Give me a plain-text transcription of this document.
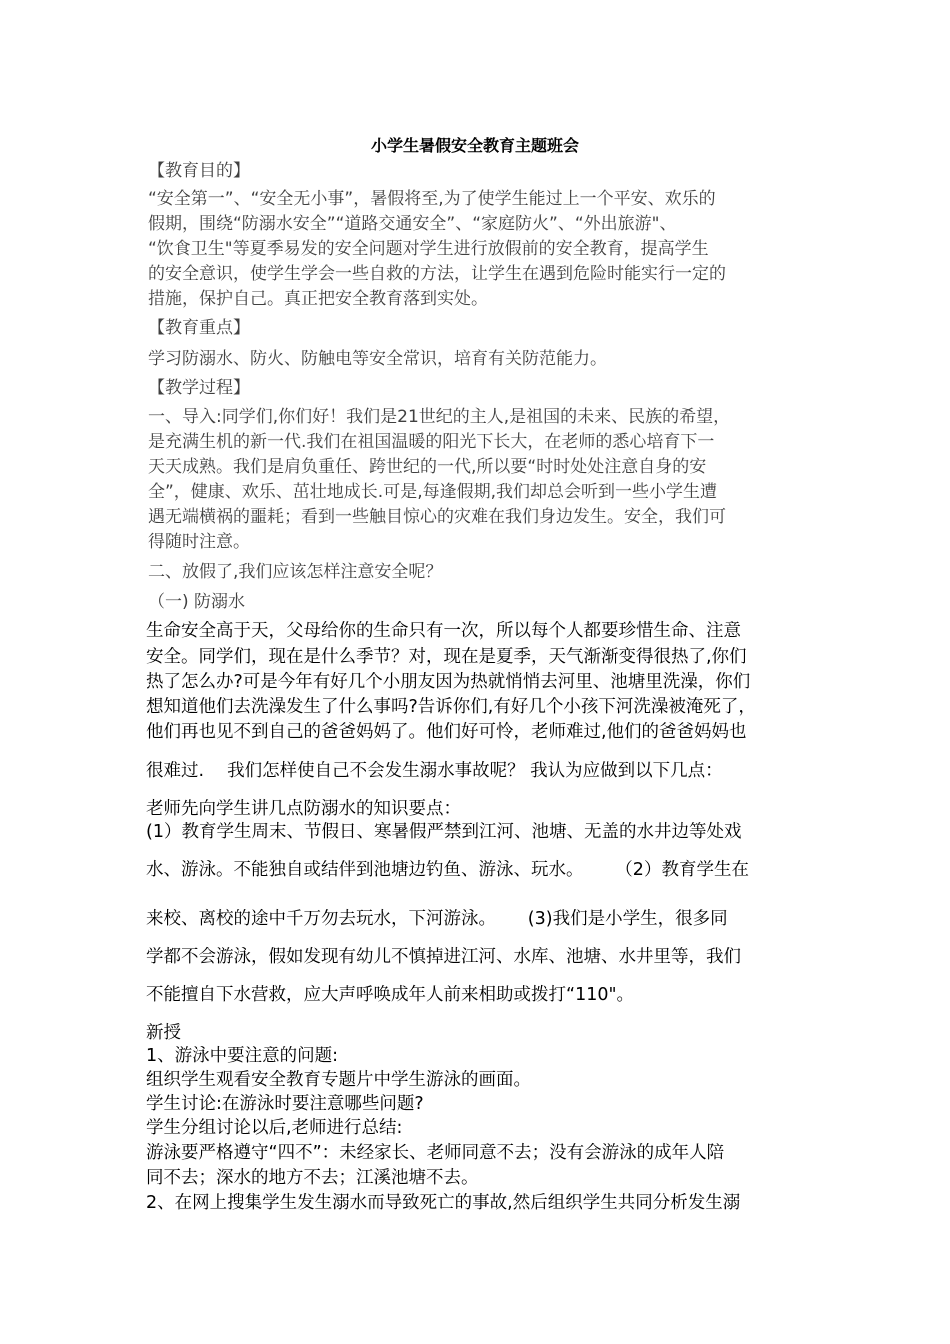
小学生暑假安全教育主题班会
【教育目的】
“安全第一”、“安全无小事”，暑假将至,为了使学生能过上一个平安、欢乐的
假期，围绕“防溺水安全”“道路交通安全”、“家庭防火”、“外出旅游"、
“饮食卫生"等夏季易发的安全问题对学生进行放假前的安全教育，提高学生
的安全意识，使学生学会一些自救的方法，让学生在遇到危险时能实行一定的
措施，保护自己。真正把安全教育落到实处。
【教育重点】
学习防溺水、防火、防触电等安全常识，培育有关防范能力。
【教学过程】
一、导入:同学们,你们好！我们是21世纪的主人,是祖国的未来、民族的希望，
是充满生机的新一代.我们在祖国温暖的阳光下长大，在老师的悉心培育下一
天天成熟。我们是肩负重任、跨世纪的一代,所以要“时时处处注意自身的安
全”，健康、欢乐、茁壮地成长.可是,每逢假期,我们却总会听到一些小学生遭
遇无端横祸的噩耗；看到一些触目惊心的灾难在我们身边发生。安全，我们可
得随时注意。
二、放假了,我们应该怎样注意安全呢？
（一) 防溺水
生命安全高于天，父母给你的生命只有一次，所以每个人都要珍惜生命、注意
安全。同学们，现在是什么季节？对，现在是夏季，天气渐渐变得很热了,你们
热了怎么办?可是今年有好几个小朋友因为热就悄悄去河里、池塘里洗澡，你们
想知道他们去洗澡发生了什么事吗?告诉你们,有好几个小孩下河洗澡被淹死了，
他们再也见不到自己的爸爸妈妈了。他们好可怜，老师难过,他们的爸爸妈妈也
很难过.　 我们怎样使自己不会发生溺水事故呢？ 我认为应做到以下几点：
老师先向学生讲几点防溺水的知识要点：
(1）教育学生周末、节假日、寒暑假严禁到江河、池塘、无盖的水井边等处戏
水、游泳。不能独自或结伴到池塘边钓鱼、游泳、玩水。　　 （2）教育学生在
来校、离校的途中千万勿去玩水，下河游泳。　　 (3)我们是小学生，很多同
学都不会游泳，假如发现有幼儿不慎掉进江河、水库、池塘、水井里等，我们
不能擅自下水营救，应大声呼唤成年人前来相助或拨打“110"。
新授
1、游泳中要注意的问题:
组织学生观看安全教育专题片中学生游泳的画面。
学生讨论:在游泳时要注意哪些问题?
学生分组讨论以后,老师进行总结:
游泳要严格遵守“四不”：未经家长、老师同意不去；没有会游泳的成年人陪
同不去；深水的地方不去；江溪池塘不去。
2、在网上搜集学生发生溺水而导致死亡的事故,然后组织学生共同分析发生溺
